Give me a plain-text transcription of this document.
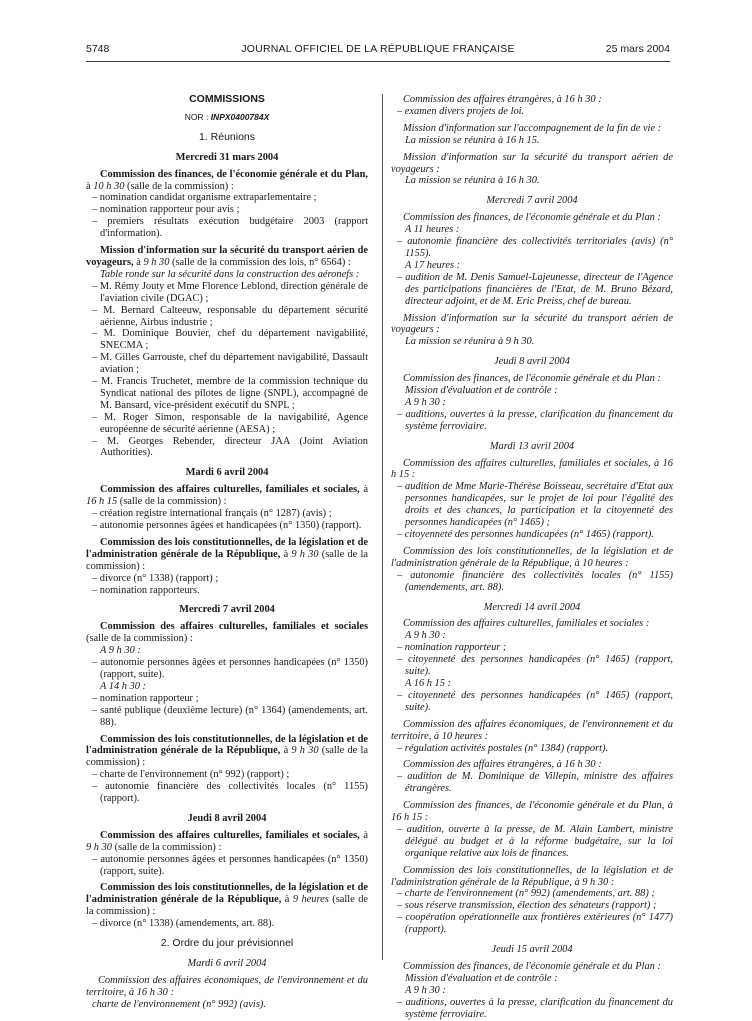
5748	JOURNAL OFFICIEL DE LA RÉPUBLIQUE FRANÇAISE	25 mars 2004

COMMISSIONS

NOR : INPX0400784X

1. Réunions

Mercredi 31 mars 2004

Commission des finances, de l'économie générale et du Plan, à 10 h 30 (salle de la commission) :

– nomination candidat organisme extraparlementaire ;

– nomination rapporteur pour avis ;

– premiers résultats exécution budgétaire 2003 (rapport d'information).

Mission d'information sur la sécurité du transport aérien de voyageurs, à 9 h 30 (salle de la commission des lois, n° 6564) :

Table ronde sur la sécurité dans la construction des aéronefs :

– M. Rémy Jouty et Mme Florence Leblond, direction générale de l'aviation civile (DGAC) ;

– M. Bernard Calteeuw, responsable du département sécurité aérienne, Airbus industrie ;

– M. Dominique Bouvier, chef du département navigabilité, SNECMA ;

– M. Gilles Garrouste, chef du département navigabilité, Dassault aviation ;

– M. Francis Truchetet, membre de la commission technique du Syndicat national des pilotes de ligne (SNPL), accompagné de M. Bansard, vice-président exécutif du SNPL ;

– M. Roger Simon, responsable de la navigabilité, Agence européenne de sécurité aérienne (AESA) ;

– M. Georges Rebender, directeur JAA (Joint Aviation Authorities).

Mardi 6 avril 2004

Commission des affaires culturelles, familiales et sociales, à 16 h 15 (salle de la commission) :

– création registre international français (n° 1287) (avis) ;

– autonomie personnes âgées et handicapées (n° 1350) (rapport).

Commission des lois constitutionnelles, de la législation et de l'administration générale de la République, à 9 h 30 (salle de la commission) :

– divorce (n° 1338) (rapport) ;

– nomination rapporteurs.

Mercredi 7 avril 2004

Commission des affaires culturelles, familiales et sociales (salle de la commission) :

A 9 h 30 :

– autonomie personnes âgées et personnes handicapées (n° 1350) (rapport, suite).

A 14 h 30 :

– nomination rapporteur ;

– santé publique (deuxième lecture) (n° 1364) (amendements, art. 88).

Commission des lois constitutionnelles, de la législation et de l'administration générale de la République, à 9 h 30 (salle de la commission) :

– charte de l'environnement (n° 992) (rapport) ;

– autonomie financière des collectivités locales (n° 1155) (rapport).

Jeudi 8 avril 2004

Commission des affaires culturelles, familiales et sociales, à 9 h 30 (salle de la commission) :

– autonomie personnes âgées et personnes handicapées (n° 1350) (rapport, suite).

Commission des lois constitutionnelles, de la législation et de l'administration générale de la République, à 9 heures (salle de la commission) :

– divorce (n° 1338) (amendements, art. 88).

2. Ordre du jour prévisionnel

Mardi 6 avril 2004

Commission des affaires économiques, de l'environnement et du territoire, à 16 h 30 :

charte de l'environnement (n° 992) (avis).

Commission des affaires étrangères, à 16 h 30 :

– examen divers projets de loi.

Mission d'information sur l'accompagnement de la fin de vie :

La mission se réunira à 16 h 15.

Mission d'information sur la sécurité du transport aérien de voyageurs :

La mission se réunira à 16 h 30.

Mercredi 7 avril 2004

Commission des finances, de l'économie générale et du Plan :

A 11 heures :

– autonomie financière des collectivités territoriales (avis) (n° 1155).

A 17 heures :

– audition de M. Denis Samuel-Lajeunesse, directeur de l'Agence des participations financières de l'Etat, de M. Bruno Bézard, directeur adjoint, et de M. Eric Preiss, chef de bureau.

Mission d'information sur la sécurité du transport aérien de voyageurs :

La mission se réunira à 9 h 30.

Jeudi 8 avril 2004

Commission des finances, de l'économie générale et du Plan :

Mission d'évaluation et de contrôle :

A 9 h 30 :

– auditions, ouvertes à la presse, clarification du financement du système ferroviaire.

Mardi 13 avril 2004

Commission des affaires culturelles, familiales et sociales, à 16 h 15 :

– audition de Mme Marie-Thérèse Boisseau, secrétaire d'Etat aux personnes handicapées, sur le projet de loi pour l'égalité des droits et des chances, la participation et la citoyenneté des personnes handicapées (n° 1465) ;

– citoyenneté des personnes handicapées (n° 1465) (rapport).

Commission des lois constitutionnelles, de la législation et de l'administration générale de la République, à 10 heures :

– autonomie financière des collectivités locales (n° 1155) (amendements, art. 88).

Mercredi 14 avril 2004

Commission des affaires culturelles, familiales et sociales :

A 9 h 30 :

– nomination rapporteur ;

– citoyenneté des personnes handicapées (n° 1465) (rapport, suite).

A 16 h 15 :

– citoyenneté des personnes handicapées (n° 1465) (rapport, suite).

Commission des affaires économiques, de l'environnement et du territoire, à 10 heures :

– régulation activités postales (n° 1384) (rapport).

Commission des affaires étrangères, à 16 h 30 :

– audition de M. Dominique de Villepin, ministre des affaires étrangères.

Commission des finances, de l'économie générale et du Plan, à 16 h 15 :

– audition, ouverte à la presse, de M. Alain Lambert, ministre délégué au budget et à la réforme budgétaire, sur la loi organique relative aux lois de finances.

Commission des lois constitutionnelles, de la législation et de l'administration générale de la République, à 9 h 30 :

– charte de l'environnement (n° 992) (amendements, art. 88) ;

– sous réserve transmission, élection des sénateurs (rapport) ;

– coopération opérationnelle aux frontières extérieures (n° 1477) (rapport).

Jeudi 15 avril 2004

Commission des finances, de l'économie générale et du Plan :

Mission d'évaluation et de contrôle :

A 9 h 30 :

– auditions, ouvertes à la presse, clarification du financement du système ferroviaire.
